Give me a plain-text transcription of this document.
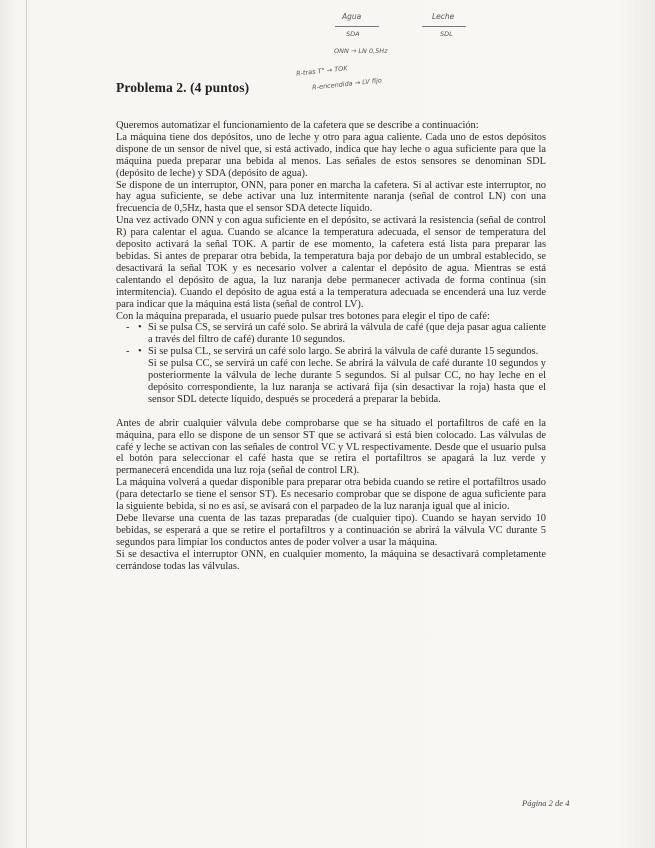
Agua	Leche
SDA	SDL
ONN → LN 0,5Hz
R-tras T° → TOK
R-encendida → LV fijo
Problema 2. (4 puntos)

Queremos automatizar el funcionamiento de la cafetera que se describe a continuación:

La máquina tiene dos depósitos, uno de leche y otro para agua caliente. Cada uno de estos depósitos dispone de un sensor de nivel que, si está activado, indica que hay leche o agua suficiente para que la máquina pueda preparar una bebida al menos. Las señales de estos sensores se denominan SDL (depósito de leche) y SDA (depósito de agua).

Se dispone de un interruptor, ONN, para poner en marcha la cafetera. Si al activar este interruptor, no hay agua suficiente, se debe activar una luz intermitente naranja (señal de control LN) con una frecuencia de 0,5Hz, hasta que el sensor SDA detecte líquido.

Una vez activado ONN y con agua suficiente en el depósito, se activará la resistencia (señal de control R) para calentar el agua. Cuando se alcance la temperatura adecuada, el sensor de temperatura del deposito activará la señal TOK. A partir de ese momento, la cafetera está lista para preparar las bebidas. Si antes de preparar otra bebida, la temperatura baja por debajo de un umbral establecido, se desactivará la señal TOK y es necesario volver a calentar el depósito de agua. Mientras se está calentando el depósito de agua, la luz naranja debe permanecer activada de forma continua (sin intermitencia). Cuando el depósito de agua está a la temperatura adecuada se encenderá una luz verde para indicar que la máquina está lista (señal de control LV).

Con la máquina preparada, el usuario puede pulsar tres botones para elegir el tipo de café:

- • Si se pulsa CS, se servirá un café solo. Se abrirá la válvula de café (que deja pasar agua caliente a través del filtro de café) durante 10 segundos.
- • Si se pulsa CL, se servirá un café solo largo. Se abrirá la válvula de café durante 15 segundos.
Si se pulsa CC, se servirá un café con leche. Se abrirá la válvula de café durante 10 segundos y posteriormente la válvula de leche durante 5 segundos. Si al pulsar CC, no hay leche en el depósito correspondiente, la luz naranja se activará fija (sin desactivar la roja) hasta que el sensor SDL detecte líquido, después se procederá a preparar la bebida.

Antes de abrir cualquier válvula debe comprobarse que se ha situado el portafiltros de café en la máquina, para ello se dispone de un sensor ST que se activará si está bien colocado. Las válvulas de café y leche se activan con las señales de control VC y VL respectivamente. Desde que el usuario pulsa el botón para seleccionar el café hasta que se retira el portafiltros se apagará la luz verde y permanecerá encendida una luz roja (señal de control LR).

La máquina volverá a quedar disponible para preparar otra bebida cuando se retire el portafiltros usado (para detectarlo se tiene el sensor ST). Es necesario comprobar que se dispone de agua suficiente para la siguiente bebida, si no es así, se avisará con el parpadeo de la luz naranja igual que al inicio.

Debe llevarse una cuenta de las tazas preparadas (de cualquier tipo). Cuando se hayan servido 10 bebidas, se esperará a que se retire el portafiltros y a continuación se abrirá la válvula VC durante 5 segundos para limpiar los conductos antes de poder volver a usar la máquina.

Si se desactiva el interruptor ONN, en cualquier momento, la máquina se desactivará completamente cerrándose todas las válvulas.

Página 2 de 4
